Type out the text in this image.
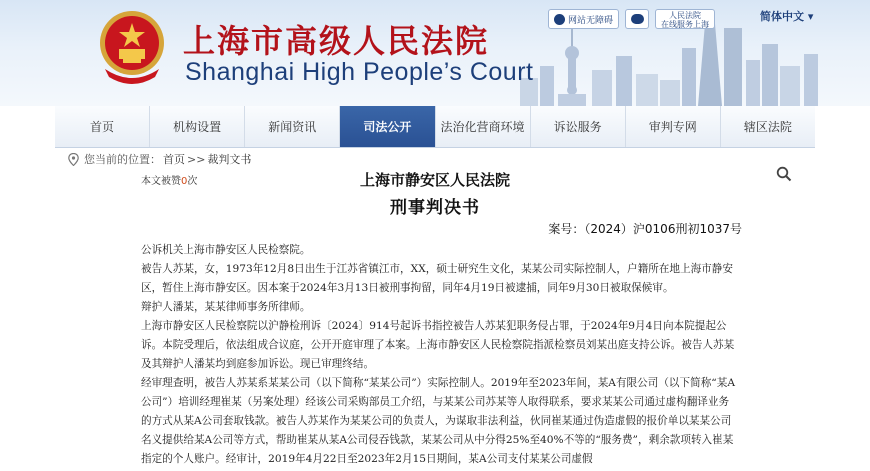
上海市高级人民法院
Shanghai High People’s Court
网站无障碍	人民法院
在线服务上海
简体中文 ▾
首页	机构设置	新闻资讯	司法公开	法治化营商环境	诉讼服务	审判专网	辖区法院
您当前的位置： 首页 >> 裁判文书
本文被赞0次	上海市静安区人民法院
刑事判决书
案号：（2024）沪0106刑初1037号

公诉机关上海市静安区人民检察院。

被告人苏某，女，1973年12月8日出生于江苏省镇江市，XX，硕士研究生文化，某某公司实际控制人，户籍所在地上海市静安区，暂住上海市静安区。因本案于2024年3月13日被刑事拘留，同年4月19日被逮捕，同年9月30日被取保候审。

辩护人潘某，某某律师事务所律师。

上海市静安区人民检察院以沪静检刑诉〔2024〕914号起诉书指控被告人苏某犯职务侵占罪，于2024年9月4日向本院提起公诉。本院受理后，依法组成合议庭，公开开庭审理了本案。上海市静安区人民检察院指派检察员刘某出庭支持公诉。被告人苏某及其辩护人潘某均到庭参加诉讼。现已审理终结。

经审理查明，被告人苏某系某某公司（以下简称“某某公司”）实际控制人。2019年至2023年间，某A有限公司（以下简称“某A公司”）培训经理崔某（另案处理）经该公司采购部员工介绍，与某某公司苏某等人取得联系，要求某某公司通过虚构翻译业务的方式从某A公司套取钱款。被告人苏某作为某某公司的负责人，为谋取非法利益，伙同崔某通过伪造虚假的报价单以某某公司名义提供给某A公司等方式，帮助崔某从某A公司侵吞钱款，某某公司从中分得25%至40%不等的“服务费”，剩余款项转入崔某指定的个人账户。经审计，2019年4月22日至2023年2月15日期间，某A公司支付某某公司虚假
